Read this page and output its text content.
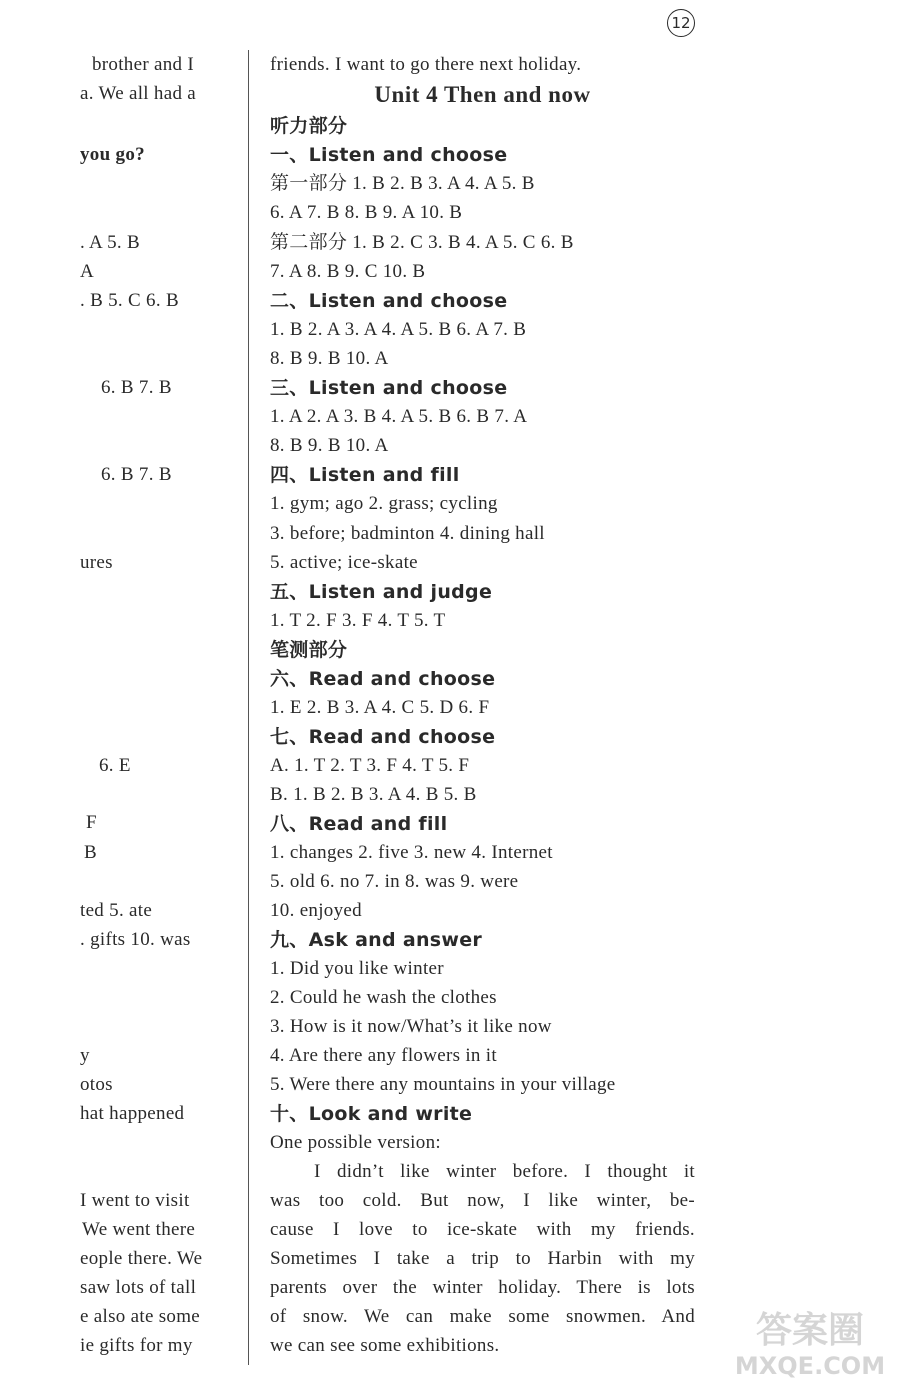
12
brother and I
a. We all had a
you go?
. A 5. B
A
. B 5. C 6. B
6. B 7. B
6. B 7. B
ures
6. E
F
B
ted 5. ate
. gifts 10. was
y
otos
hat happened
I went to visit
We went there
eople there. We
saw lots of tall
e also ate some
ie gifts for my
friends. I want to go there next holiday.
Unit 4 Then and now
听力部分
一、Listen and choose
第一部分 1. B 2. B 3. A 4. A 5. B
6. A 7. B 8. B 9. A 10. B
第二部分 1. B 2. C 3. B 4. A 5. C 6. B
7. A 8. B 9. C 10. B
二、Listen and choose
1. B 2. A 3. A 4. A 5. B 6. A 7. B
8. B 9. B 10. A
三、Listen and choose
1. A 2. A 3. B 4. A 5. B 6. B 7. A
8. B 9. B 10. A
四、Listen and fill
1. gym; ago 2. grass; cycling
3. before; badminton 4. dining hall
5. active; ice-skate
五、Listen and judge
1. T 2. F 3. F 4. T 5. T
笔测部分
六、Read and choose
1. E 2. B 3. A 4. C 5. D 6. F
七、Read and choose
A. 1. T 2. T 3. F 4. T 5. F
B. 1. B 2. B 3. A 4. B 5. B
八、Read and fill
1. changes 2. five 3. new 4. Internet
5. old 6. no 7. in 8. was 9. were
10. enjoyed
九、Ask and answer
1. Did you like winter
2. Could he wash the clothes
3. How is it now/What’s it like now
4. Are there any flowers in it
5. Were there any mountains in your village
十、Look and write
One possible version:
I didn’t like winter before. I thought it
was too cold. But now, I like winter, be-
cause I love to ice-skate with my friends.
Sometimes I take a trip to Harbin with my
parents over the winter holiday. There is lots
of snow. We can make some snowmen. And
we can see some exhibitions.	答案圈
MXQE.COM
